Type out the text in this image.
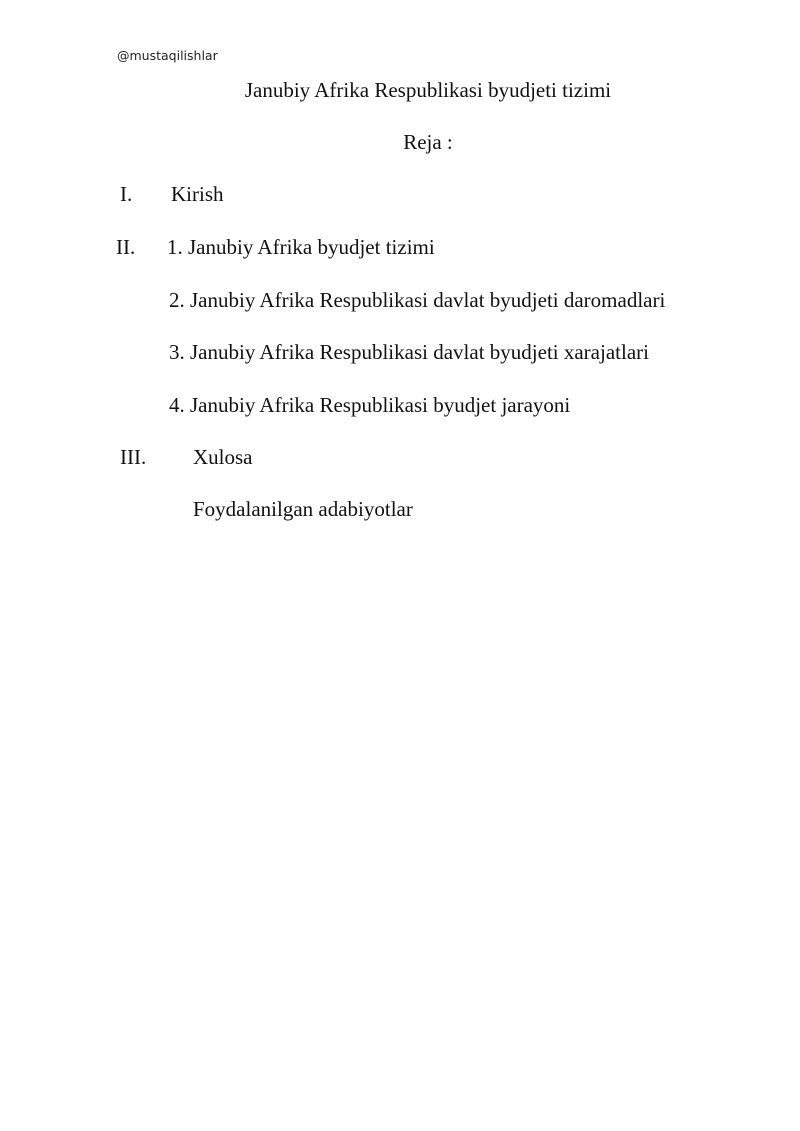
@mustaqilishlar
Janubiy Afrika Respublikasi byudjeti tizimi
Reja :
I. Kirish
II. 1. Janubiy Afrika byudjet tizimi
2. Janubiy Afrika Respublikasi davlat byudjeti daromadlari
3. Janubiy Afrika Respublikasi davlat byudjeti xarajatlari
4. Janubiy Afrika Respublikasi byudjet jarayoni
III. Xulosa
Foydalanilgan adabiyotlar
